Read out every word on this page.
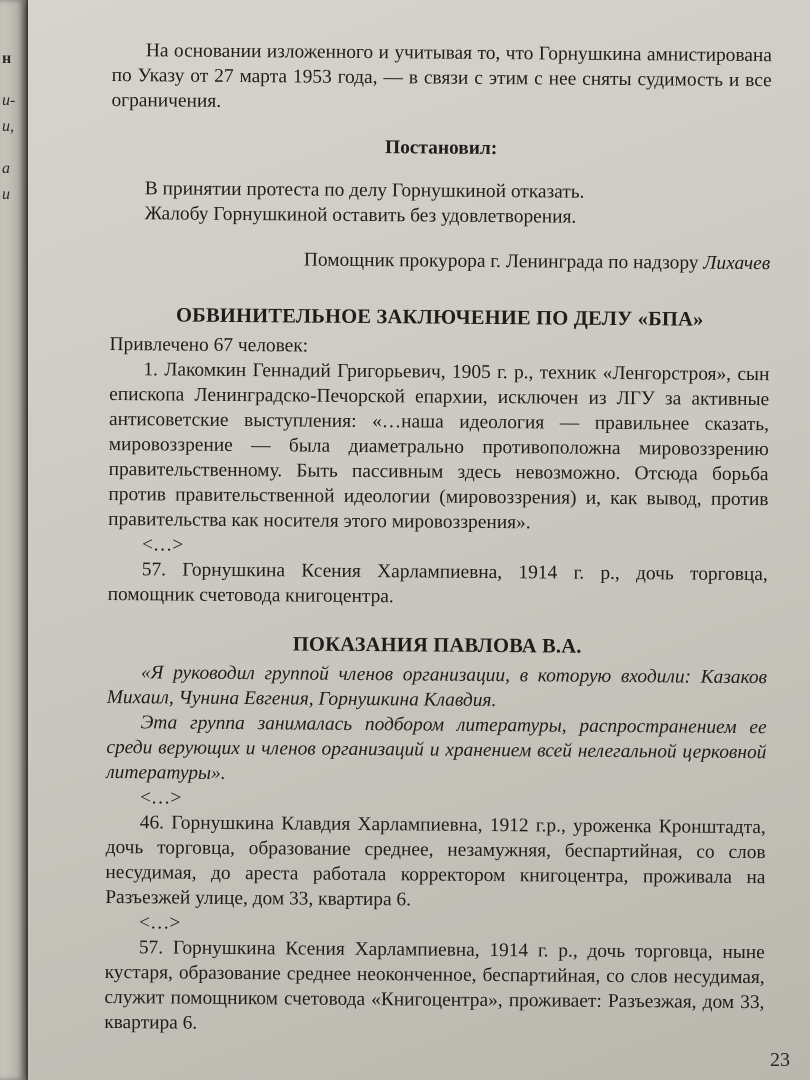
н
и-
и,
а
и

На основании изложенного и учитывая то, что Горнушкина амнистирована по Указу от 27 марта 1953 года, — в связи с этим с нее сняты судимость и все ограничения.

Постановил:

В принятии протеста по делу Горнушкиной отказать.

Жалобу Горнушкиной оставить без удовлетворения.

Помощник прокурора г. Ленинграда по надзору Лихачев

ОБВИНИТЕЛЬНОЕ ЗАКЛЮЧЕНИЕ ПО ДЕЛУ «БПА»

Привлечено 67 человек:

1. Лакомкин Геннадий Григорьевич, 1905 г. р., техник «Ленгорстроя», сын епископа Ленинградско-Печорской епархии, исключен из ЛГУ за активные антисоветские выступления: «…наша идеология — правильнее сказать, мировоззрение — была диаметрально противоположна мировоззрению правительственному. Быть пассивным здесь невозможно. Отсюда борьба против правительственной идеологии (мировоззрения) и, как вывод, против правительства как носителя этого мировоззрения».

<…>

57. Горнушкина Ксения Харлампиевна, 1914 г. р., дочь торговца, помощник счетовода книгоцентра.

ПОКАЗАНИЯ ПАВЛОВА В.А.

«Я руководил группой членов организации, в которую входили: Казаков Михаил, Чунина Евгения, Горнушкина Клавдия.

Эта группа занималась подбором литературы, распространением ее среди верующих и членов организаций и хранением всей нелегальной церковной литературы».

<…>

46. Горнушкина Клавдия Харлампиевна, 1912 г.р., уроженка Кронштадта, дочь торговца, образование среднее, незамужняя, беспартийная, со слов несудимая, до ареста работала корректором книгоцентра, проживала на Разъезжей улице, дом 33, квартира 6.

<…>

57. Горнушкина Ксения Харлампиевна, 1914 г. р., дочь торговца, ныне кустаря, образование среднее неоконченное, беспартийная, со слов несудимая, служит помощником счетовода «Книгоцентра», проживает: Разъезжая, дом 33, квартира 6.

23
